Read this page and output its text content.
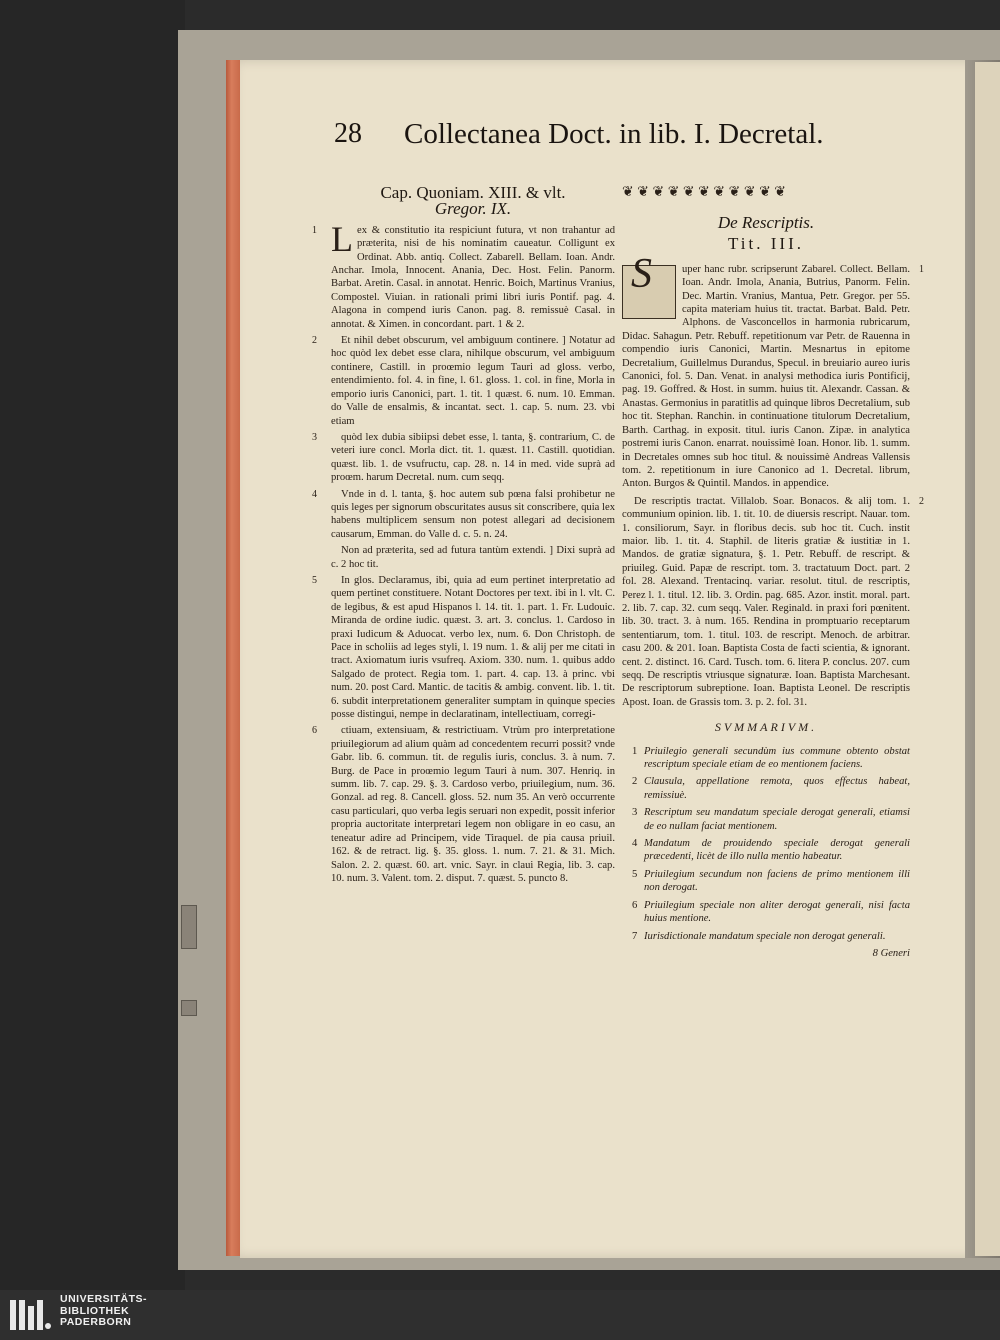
28 Collectanea Doct. in lib. I. Decretal.
Cap. Quoniam. XIII. & vlt.
Gregor. IX.
1 L ex & constitutio ita respiciunt futura, vt non trahantur ad præterita, nisi de his nominatim caueatur. Colligunt ex Ordinat. Abb. antiq. Collect. Zabarell. Bellam. Ioan. Andr. Anchar. Imola, Innocent. Anania, Dec. Host. Felin. Panorm. Barbat. Aretin. Casal. in annotat. Henric. Boich, Martinus Vranius, Compostel. Viuian. in rationali primi libri iuris Pontif. pag. 4. Alagona in compend iuris Canon. pag. 8. remissuè Casal. in annotat. & Ximen. in concordant. part. 1 & 2.

2	Et nihil debet obscurum, vel ambiguum continere. ] Notatur ad hoc quòd lex debet esse clara, nihilque obscurum, vel ambiguum continere, Castill. in proœmio legum Tauri ad gloss. verbo, entendimiento. fol. 4. in fine, l. 61. gloss. 1. col. in fine, Morla in emporio iuris Canonici, part. 1. tit. 1 quæst. 6. num. 10. Emman. do Valle de ensalmis, & incantat. sect. 1. cap. 5. num. 23. vbi etiam

3	quòd lex dubia sibiipsi debet esse, l. tanta, §. contrarium, C. de veteri iure concl. Morla dict. tit. 1. quæst. 11. Castill. quotidian. quæst. lib. 1. de vsufructu, cap. 28. n. 14 in med. vide suprà ad proœm. harum Decretal. num. cum seqq.

4	Vnde in d. l. tanta, §. hoc autem sub pœna falsi prohibetur ne quis leges per signorum obscuritates ausus sit conscribere, quia lex habens multiplicem sensum non potest allegari ad decisionem causarum, Emman. do Valle d. c. 5. n. 24.

Non ad præterita, sed ad futura tantùm extendi. ] Dixi suprà ad c. 2 hoc tit.

5	In glos. Declaramus, ibi, quia ad eum pertinet interpretatio ad quem pertinet constituere. Notant Doctores per text. ibi in l. vlt. C. de legibus, & est apud Hispanos l. 14. tit. 1. part. 1. Fr. Ludouic. Miranda de ordine iudic. quæst. 3. art. 3. conclus. 1. Cardoso in praxi Iudicum & Aduocat. verbo lex, num. 6. Don Christoph. de Pace in scholiis ad leges styli, l. 19 num. 1. & alij per me citati in tract. Axiomatum iuris vsufreq. Axiom. 330. num. 1. quibus addo Salgado de protect. Regia tom. 1. part. 4. cap. 13. à princ. vbi num. 20. post Card. Mantic. de tacitis & ambig. convent. lib. 1. tit. 6. subdit interpretationem generaliter sumptam in quinque species posse distingui, nempe in declaratinam, intellectiuam, corregi-

6	ctiuam, extensiuam, & restrictiuam. Vtrùm pro interpretatione priuilegiorum ad alium quàm ad concedentem recurri possit? vnde Gabr. lib. 6. commun. tit. de regulis iuris, conclus. 3. à num. 7. Burg. de Pace in proœmio legum Tauri à num. 307. Henriq. in summ. lib. 7. cap. 29. §. 3. Cardoso verbo, priuilegium, num. 36. Gonzal. ad reg. 8. Cancell. gloss. 52. num 35. An verò occurrente casu particulari, quo verba legis seruari non expedit, possit inferior propria auctoritate interpretari legem non obligare in eo casu, an teneatur adire ad Principem, vide Tiraquel. de pia causa priuil. 162. & de retract. lig. §. 35. gloss. 1. num. 7. 21. & 31. Mich. Salon. 2. 2. quæst. 60. art. vnic. Sayr. in claui Regia, lib. 3. cap. 10. num. 3. Valent. tom. 2. disput. 7. quæst. 5. puncto 8.

❦ ❦ ❦ ❦ ❦ ❦ ❦ ❦ ❦ ❦ ❦
De Rescriptis.
Tit. III.
1
S	uper hanc rubr. scripserunt Zabarel. Collect. Bellam. Ioan. Andr. Imola, Anania, Butrius, Panorm. Felin. Dec. Martin. Vranius, Mantua, Petr. Gregor. per 55. capita materiam huius tit. tractat. Barbat. Bald. Petr. Alphons. de Vasconcellos in harmonia rubricarum, Didac. Sahagun. Petr. Rebuff. repetitionum var Petr. de Rauenna in compendio iuris Canonici, Martin. Mesnartus in epitome Decretalium, Guillelmus Durandus, Specul. in breuiario aureo iuris Canonici, fol. 5. Dan. Venat. in analysi methodica iuris Pontificij, pag. 19. Goffred. & Host. in summ. huius tit. Alexandr. Cassan. & Anastas. Germonius in paratitlis ad quinque libros Decretalium, sub hoc tit. Stephan. Ranchin. in continuatione titulorum Decretalium, Barth. Carthag. in exposit. titul. iuris Canon. Zipæ. in analytica postremi iuris Canon. enarrat. nouissimè Ioan. Honor. lib. 1. summ. in Decretales omnes sub hoc titul. & nouissimè Andreas Vallensis tom. 2. repetitionum in iure Canonico ad 1. Decretal. librum, Anton. Burgos & Quintil. Mandos. in appendice.

2

De rescriptis tractat. Villalob. Soar. Bonacos. & alij tom. 1. communium opinion. lib. 1. tit. 10. de diuersis rescript. Nauar. tom. 1. consiliorum, Sayr. in floribus decis. sub hoc tit. Cuch. instit maior. lib. 1. tit. 4. Staphil. de literis gratiæ & iustitiæ in 1. Mandos. de gratiæ signatura, §. 1. Petr. Rebuff. de rescript. & priuileg. Guid. Papæ de rescript. tom. 3. tractatuum Doct. part. 2 fol. 28. Alexand. Trentacinq. variar. resolut. titul. de rescriptis, Perez l. 1. titul. 12. lib. 3. Ordin. pag. 685. Azor. instit. moral. part. 2. lib. 7. cap. 32. cum seqq. Valer. Reginald. in praxi fori pœnitent. lib. 30. tract. 3. à num. 165. Rendina in promptuario receptarum sententiarum, tom. 1. titul. 103. de rescript. Menoch. de arbitrar. casu 200. & 201. Ioan. Baptista Costa de facti scientia, & ignorant. cent. 2. distinct. 16. Card. Tusch. tom. 6. litera P. conclus. 207. cum seqq. De rescriptis vtriusque signaturæ. Ioan. Baptista Marchesant. De rescriptorum subreptione. Ioan. Baptista Leonel. De rescriptis Apost. Ioan. de Grassis tom. 3. p. 2. fol. 31.

SVMMARIVM.
1 Priuilegio generali secundùm ius commune obtento obstat rescriptum speciale etiam de eo mentionem faciens.
2 Clausula, appellatione remota, quos effectus habeat, remissiuè.
3 Rescriptum seu mandatum speciale derogat generali, etiamsi de eo nullam faciat mentionem.
4 Mandatum de prouidendo speciale derogat generali præcedenti, licèt de illo nulla mentio habeatur.
5 Priuilegium secundum non faciens de primo mentionem illi non derogat.
6 Priuilegium speciale non aliter derogat generali, nisi facta huius mentione.
7 Iurisdictionale mandatum speciale non derogat generali.
8 Generi
UNIVERSITÄTS-
BIBLIOTHEK
PADERBORN
